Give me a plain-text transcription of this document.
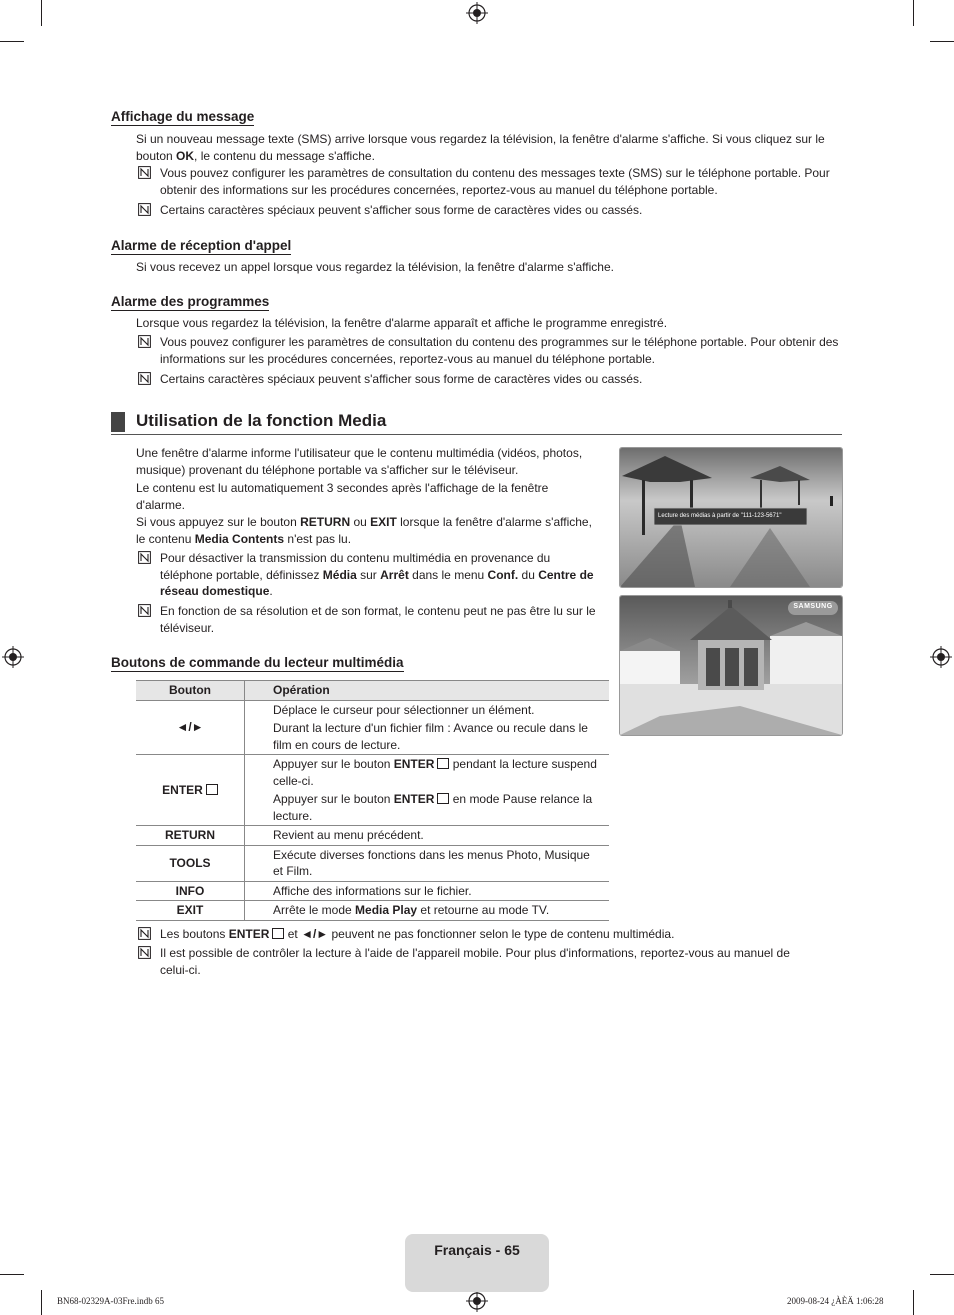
Affichage du message
Si un nouveau message texte (SMS) arrive lorsque vous regardez la télévision, la fenêtre d'alarme s'affiche. Si vous cliquez sur le bouton OK, le contenu du message s'affiche.
Vous pouvez configurer les paramètres de consultation du contenu des messages texte (SMS) sur le téléphone portable. Pour obtenir des informations sur les procédures concernées, reportez-vous au manuel du téléphone portable.
Certains caractères spéciaux peuvent s'afficher sous forme de caractères vides ou cassés.
Alarme de réception d'appel
Si vous recevez un appel lorsque vous regardez la télévision, la fenêtre d'alarme s'affiche.
Alarme des programmes
Lorsque vous regardez la télévision, la fenêtre d'alarme apparaît et affiche le programme enregistré.
Vous pouvez configurer les paramètres de consultation du contenu des programmes sur le téléphone portable. Pour obtenir des informations sur les procédures concernées, reportez-vous au manuel du téléphone portable.
Certains caractères spéciaux peuvent s'afficher sous forme de caractères vides ou cassés.
Utilisation de la fonction Media
Une fenêtre d'alarme informe l'utilisateur que le contenu multimédia (vidéos, photos, musique) provenant du téléphone portable va s'afficher sur le téléviseur.
Le contenu est lu automatiquement 3 secondes après l'affichage de la fenêtre d'alarme.
Si vous appuyez sur le bouton RETURN ou EXIT lorsque la fenêtre d'alarme s'affiche, le contenu Media Contents n'est pas lu.
Pour désactiver la transmission du contenu multimédia en provenance du téléphone portable, définissez Média sur Arrêt dans le menu Conf. du Centre de réseau domestique.
En fonction de sa résolution et de son format, le contenu peut ne pas être lu sur le téléviseur.
Lecture des médias à partir de "111-123-5671"
SAMSUNG
Boutons de commande du lecteur multimédia
Bouton	Opération
◄/►	Déplace le curseur pour sélectionner un élément.

Durant la lecture d'un fichier film : Avance ou recule dans le film en cours de lecture.

ENTER	Appuyer sur le bouton ENTER pendant la lecture suspend celle-ci.

Appuyer sur le bouton ENTER en mode Pause relance la lecture.

RETURN	Revient au menu précédent.
TOOLS	Exécute diverses fonctions dans les menus Photo, Musique et Film.
INFO	Affiche des informations sur le fichier.
EXIT	Arrête le mode Media Play et retourne au mode TV.
Les boutons ENTER et ◄/► peuvent ne pas fonctionner selon le type de contenu multimédia.
Il est possible de contrôler la lecture à l'aide de l'appareil mobile. Pour plus d'informations, reportez-vous au manuel de celui-ci.
Français - 65
BN68-02329A-03Fre.indb 65	2009-08-24 ¿ÀÈÄ 1:06:28
